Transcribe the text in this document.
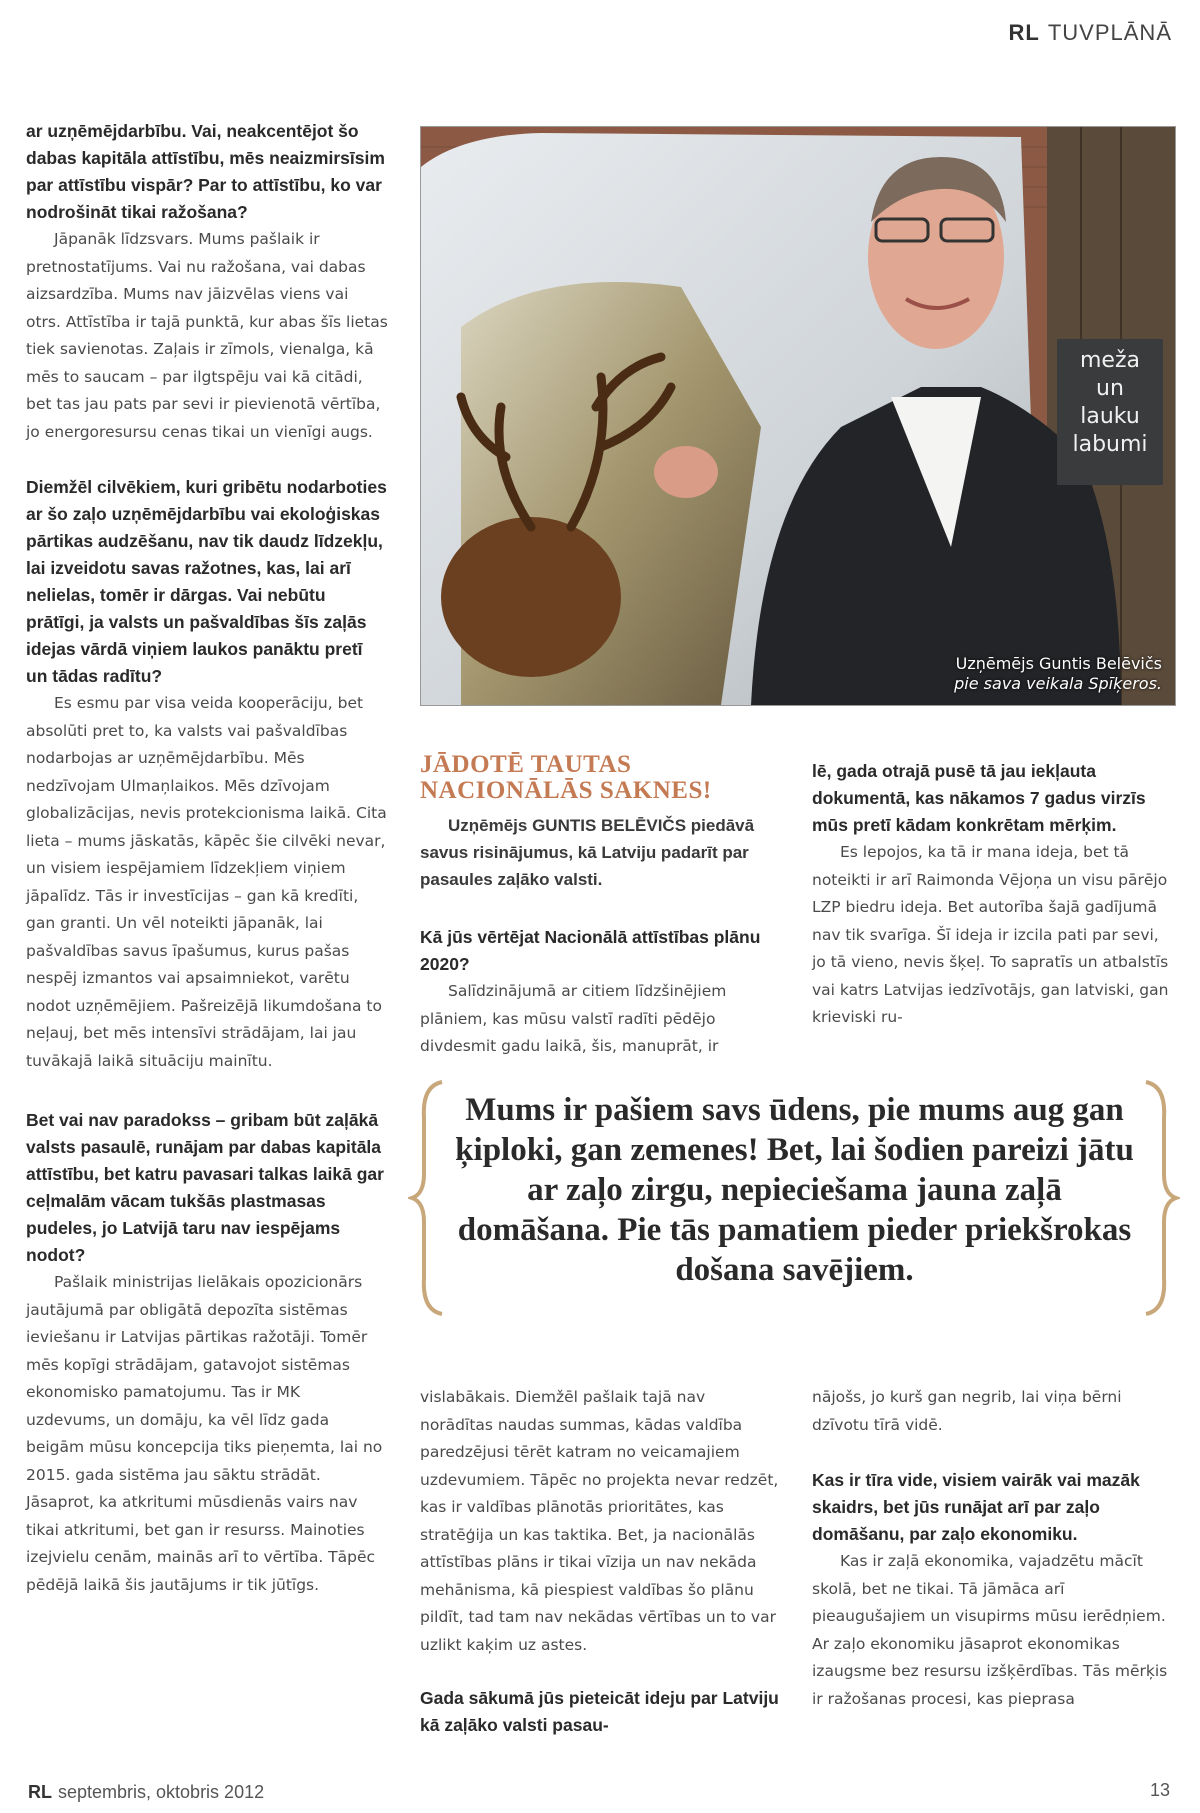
RL TUVPLĀNĀ

ar uzņēmējdarbību. Vai, neakcentējot šo dabas kapitāla attīstību, mēs neaizmirsīsim par attīstību vispār? Par to attīstību, ko var nodrošināt tikai ražošana?

Jāpanāk līdzsvars. Mums pašlaik ir pretnostatījums. Vai nu ražošana, vai dabas aizsardzība. Mums nav jāizvēlas viens vai otrs. Attīstība ir tajā punktā, kur abas šīs lietas tiek savienotas. Zaļais ir zīmols, vienalga, kā mēs to saucam – par ilgtspēju vai kā citādi, bet tas jau pats par sevi ir pievienotā vērtība, jo energoresursu cenas tikai un vienīgi augs.

Diemžēl cilvēkiem, kuri gribētu nodarboties ar šo zaļo uzņēmējdarbību vai ekoloģiskas pārtikas audzēšanu, nav tik daudz līdzekļu, lai izveidotu savas ražotnes, kas, lai arī nelielas, tomēr ir dārgas. Vai nebūtu prātīgi, ja valsts un pašvaldības šīs zaļās idejas vārdā viņiem laukos panāktu pretī un tādas radītu?

Es esmu par visa veida kooperāciju, bet absolūti pret to, ka valsts vai pašvaldības nodarbojas ar uzņēmējdarbību. Mēs nedzīvojam Ulmaņlaikos. Mēs dzīvojam globalizācijas, nevis protekcionisma laikā. Cita lieta – mums jāskatās, kāpēc šie cilvēki nevar, un visiem iespējamiem līdzekļiem viņiem jāpalīdz. Tās ir investīcijas – gan kā kredīti, gan granti. Un vēl noteikti jāpanāk, lai pašvaldības savus īpašumus, kurus pašas nespēj izmantos vai apsaimniekot, varētu nodot uzņēmējiem. Pašreizējā likumdošana to neļauj, bet mēs intensīvi strādājam, lai jau tuvākajā laikā situāciju mainītu.

Bet vai nav paradokss – gribam būt zaļākā valsts pasaulē, runājam par dabas kapitāla attīstību, bet katru pavasari talkas laikā gar ceļmalām vācam tukšās plastmasas pudeles, jo Latvijā taru nav iespējams nodot?

Pašlaik ministrijas lielākais opozicionārs jautājumā par obligātā depozīta sistēmas ieviešanu ir Latvijas pārtikas ražotāji. Tomēr mēs kopīgi strādājam, gatavojot sistēmas ekonomisko pamatojumu. Tas ir MK uzdevums, un domāju, ka vēl līdz gada beigām mūsu koncepcija tiks pieņemta, lai no 2015. gada sistēma jau sāktu strādāt. Jāsaprot, ka atkritumi mūsdienās vairs nav tikai atkritumi, bet gan ir resurss. Mainoties izejvielu cenām, mainās arī to vērtība. Tāpēc pēdējā laikā šis jautājums ir tik jūtīgs.

meža
un
lauku
labumi
Uzņēmējs Guntis Belēvičs
pie sava veikala Spīķeros.
JĀDOTĒ TAUTAS NACIONĀLĀS SAKNES!

Uzņēmējs GUNTIS BELĒVIČS piedāvā savus risinājumus, kā Latviju padarīt par pasaules zaļāko valsti.

Kā jūs vērtējat Nacionālā attīstības plānu 2020?

Salīdzinājumā ar citiem līdzšinējiem plāniem, kas mūsu valstī radīti pēdējo divdesmit gadu laikā, šis, manuprāt, ir

lē, gada otrajā pusē tā jau iekļauta dokumentā, kas nākamos 7 gadus virzīs mūs pretī kādam konkrētam mērķim.

Es lepojos, ka tā ir mana ideja, bet tā noteikti ir arī Raimonda Vējoņa un visu pārējo LZP biedru ideja. Bet autorība šajā gadījumā nav tik svarīga. Šī ideja ir izcila pati par sevi, jo tā vieno, nevis šķeļ. To sapratīs un atbalstīs vai katrs Latvijas iedzīvotājs, gan latviski, gan krieviski ru-

Mums ir pašiem savs ūdens, pie mums aug gan ķiploki, gan zemenes! Bet, lai šodien pareizi jātu ar zaļo zirgu, nepieciešama jauna zaļā domāšana. Pie tās pamatiem pieder priekšrokas došana savējiem.

vislabākais. Diemžēl pašlaik tajā nav norādītas naudas summas, kādas valdība paredzējusi tērēt katram no veicamajiem uzdevumiem. Tāpēc no projekta nevar redzēt, kas ir valdības plānotās prioritātes, kas stratēģija un kas taktika. Bet, ja nacionālās attīstības plāns ir tikai vīzija un nav nekāda mehānisma, kā piespiest valdības šo plānu pildīt, tad tam nav nekādas vērtības un to var uzlikt kaķim uz astes.

Gada sākumā jūs pieteicāt ideju par Latviju kā zaļāko valsti pasau-

nājošs, jo kurš gan negrib, lai viņa bērni dzīvotu tīrā vidē.

Kas ir tīra vide, visiem vairāk vai mazāk skaidrs, bet jūs runājat arī par zaļo domāšanu, par zaļo ekonomiku.

Kas ir zaļā ekonomika, vajadzētu mācīt skolā, bet ne tikai. Tā jāmāca arī pieaugušajiem un visupirms mūsu ierēdņiem. Ar zaļo ekonomiku jāsaprot ekonomikas izaugsme bez resursu izšķērdības. Tās mērķis ir ražošanas procesi, kas pieprasa

RL septembris, oktobris 2012	13
